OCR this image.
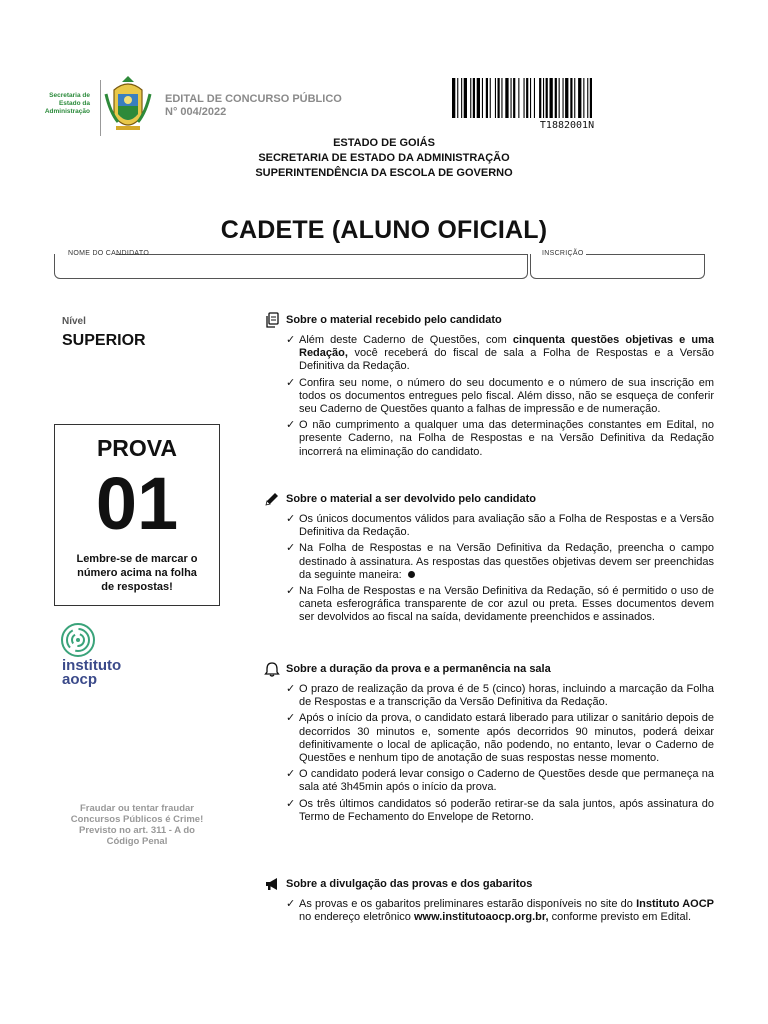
Secretaria de
Estado da
Administração
EDITAL DE CONCURSO PÚBLICO
N° 004/2022
T1882001N
ESTADO DE GOIÁS
SECRETARIA DE ESTADO DA ADMINISTRAÇÃO
SUPERINTENDÊNCIA DA ESCOLA DE GOVERNO
CADETE (ALUNO OFICIAL)
NOME DO CANDIDATO	INSCRIÇÃO
Nível
SUPERIOR
PROVA
01
Lembre-se de marcar o
número acima na folha
de respostas!
instituto
aocp
Fraudar ou tentar fraudar
Concursos Públicos é Crime!
Previsto no art. 311 - A do
Código Penal
Sobre o material recebido pelo candidato
✓ Além deste Caderno de Questões, com cinquenta questões objetivas e uma Redação, você receberá do fiscal de sala a Folha de Respostas e a Versão Definitiva da Redação.
✓ Confira seu nome, o número do seu documento e o número de sua inscrição em todos os documentos entregues pelo fiscal. Além disso, não se esqueça de conferir seu Caderno de Questões quanto a falhas de impressão e de numeração.
✓ O não cumprimento a qualquer uma das determinações constantes em Edital, no presente Caderno, na Folha de Respostas e na Versão Definitiva da Redação incorrerá na eliminação do candidato.
Sobre o material a ser devolvido pelo candidato
✓ Os únicos documentos válidos para avaliação são a Folha de Respostas e a Versão Definitiva da Redação.
✓ Na Folha de Respostas e na Versão Definitiva da Redação, preencha o campo destinado à assinatura. As respostas das questões objetivas devem ser preenchidas da seguinte maneira:
✓ Na Folha de Respostas e na Versão Definitiva da Redação, só é permitido o uso de caneta esferográfica transparente de cor azul ou preta. Esses documentos devem ser devolvidos ao fiscal na saída, devidamente preenchidos e assinados.
Sobre a duração da prova e a permanência na sala
✓ O prazo de realização da prova é de 5 (cinco) horas, incluindo a marcação da Folha de Respostas e a transcrição da Versão Definitiva da Redação.
✓ Após o início da prova, o candidato estará liberado para utilizar o sanitário depois de decorridos 30 minutos e, somente após decorridos 90 minutos, poderá deixar definitivamente o local de aplicação, não podendo, no entanto, levar o Caderno de Questões e nenhum tipo de anotação de suas respostas nesse momento.
✓ O candidato poderá levar consigo o Caderno de Questões desde que permaneça na sala até 3h45min após o início da prova.
✓ Os três últimos candidatos só poderão retirar-se da sala juntos, após assinatura do Termo de Fechamento do Envelope de Retorno.
Sobre a divulgação das provas e dos gabaritos
✓ As provas e os gabaritos preliminares estarão disponíveis no site do Instituto AOCP no endereço eletrônico www.institutoaocp.org.br, conforme previsto em Edital.
